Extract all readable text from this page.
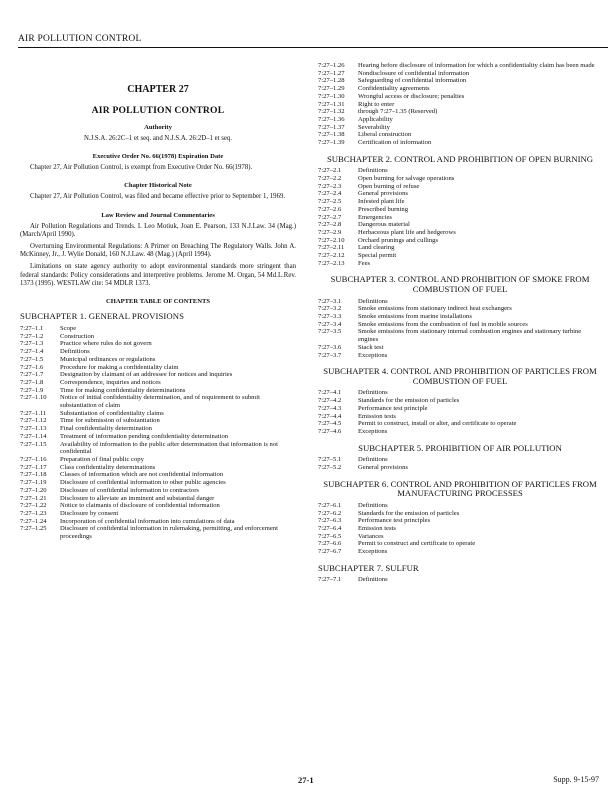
AIR POLLUTION CONTROL
CHAPTER 27
AIR POLLUTION CONTROL
Authority
N.J.S.A. 26:2C–1 et seq. and N.J.S.A. 26:2D–1 et seq.
Executive Order No. 66(1978) Expiration Date

Chapter 27, Air Pollution Control, is exempt from Executive Order No. 66(1978).

Chapter Historical Note

Chapter 27, Air Pollution Control, was filed and became effective prior to September 1, 1969.

Law Review and Journal Commentaries

Air Pollution Regulations and Trends. I. Leo Motiuk, Joan E. Pearson, 133 N.J.Law. 34 (Mag.) (March/April 1990).

Overturning Environmental Regulations: A Primer on Breaching The Regulatory Walls. John A. McKinney, Jr., J. Wylie Donald, 160 N.J.Law. 48 (Mag.) (April 1994).

Limitations on state agency authority to adopt environmental standards more stringent than federal standards: Policy considerations and interpretive problems. Jerome M. Organ, 54 Md.L.Rev. 1373 (1995). WESTLAW cite: 54 MDLR 1373.

CHAPTER TABLE OF CONTENTS
SUBCHAPTER 1. GENERAL PROVISIONS
7:27–1.1	Scope
7:27–1.2	Construction
7:27–1.3	Practice where rules do not govern
7:27–1.4	Definitions
7:27–1.5	Municipal ordinances or regulations
7:27–1.6	Procedure for making a confidentiality claim
7:27–1.7	Designation by claimant of an addressee for notices and inquiries
7:27–1.8	Correspondence, inquiries and notices
7:27–1.9	Time for making confidentiality determinations
7:27–1.10	Notice of initial confidentiality determination, and of requirement to submit substantiation of claim
7:27–1.11	Substantiation of confidentiality claims
7:27–1.12	Time for submission of substantiation
7:27–1.13	Final confidentiality determination
7:27–1.14	Treatment of information pending confidentiality determination
7:27–1.15	Availability of information to the public after determination that information is not confidential
7:27–1.16	Preparation of final public copy
7:27–1.17	Class confidentiality determinations
7:27–1.18	Classes of information which are not confidential information
7:27–1.19	Disclosure of confidential information to other public agencies
7:27–1.20	Disclosure of confidential information to contractors
7:27–1.21	Disclosure to alleviate an imminent and substantial danger
7:27–1.22	Notice to claimants of disclosure of confidential information
7:27–1.23	Disclosure by consent
7:27–1.24	Incorporation of confidential information into cumulations of data
7:27–1.25	Disclosure of confidential information in rulemaking, permitting, and enforcement proceedings
7:27–1.26	Hearing before disclosure of information for which a confidentiality claim has been made
7:27–1.27	Nondisclosure of confidential information
7:27–1.28	Safeguarding of confidential information
7:27–1.29	Confidentiality agreements
7:27–1.30	Wrongful access or disclosure; penalties
7:27–1.31	Right to enter
7:27–1.32	through 7:27–1.35 (Reserved)
7:27–1.36	Applicability
7:27–1.37	Severability
7:27–1.38	Liberal construction
7:27–1.39	Certification of information
SUBCHAPTER 2. CONTROL AND PROHIBITION OF OPEN BURNING
7:27–2.1	Definitions
7:27–2.2	Open burning for salvage operations
7:27–2.3	Open burning of refuse
7:27–2.4	General provisions
7:27–2.5	Infested plant life
7:27–2.6	Prescribed burning
7:27–2.7	Emergencies
7:27–2.8	Dangerous material
7:27–2.9	Herbaceous plant life and hedgerows
7:27–2.10	Orchard prunings and cullings
7:27–2.11	Land clearing
7:27–2.12	Special permit
7:27–2.13	Fees
SUBCHAPTER 3. CONTROL AND PROHIBITION OF SMOKE FROM COMBUSTION OF FUEL
7:27–3.1	Definitions
7:27–3.2	Smoke emissions from stationary indirect heat exchangers
7:27–3.3	Smoke emissions from marine installations
7:27–3.4	Smoke emissions from the combustion of fuel in mobile sources
7:27–3.5	Smoke emissions from stationary internal combustion engines and stationary turbine engines
7:27–3.6	Stack test
7:27–3.7	Exceptions
SUBCHAPTER 4. CONTROL AND PROHIBITION OF PARTICLES FROM COMBUSTION OF FUEL
7:27–4.1	Definitions
7:27–4.2	Standards for the emission of particles
7:27–4.3	Performance test principle
7:27–4.4	Emission tests
7:27–4.5	Permit to construct, install or alter, and certificate to operate
7:27–4.6	Exceptions
SUBCHAPTER 5. PROHIBITION OF AIR POLLUTION
7:27–5.1	Definitions
7:27–5.2	General provisions
SUBCHAPTER 6. CONTROL AND PROHIBITION OF PARTICLES FROM MANUFACTURING PROCESSES
7:27–6.1	Definitions
7:27–6.2	Standards for the emission of particles
7:27–6.3	Performance test principles
7:27–6.4	Emission tests
7:27–6.5	Variances
7:27–6.6	Permit to construct and certificate to operate
7:27–6.7	Exceptions
SUBCHAPTER 7. SULFUR
7:27–7.1	Definitions
27-1	Supp. 9-15-97
